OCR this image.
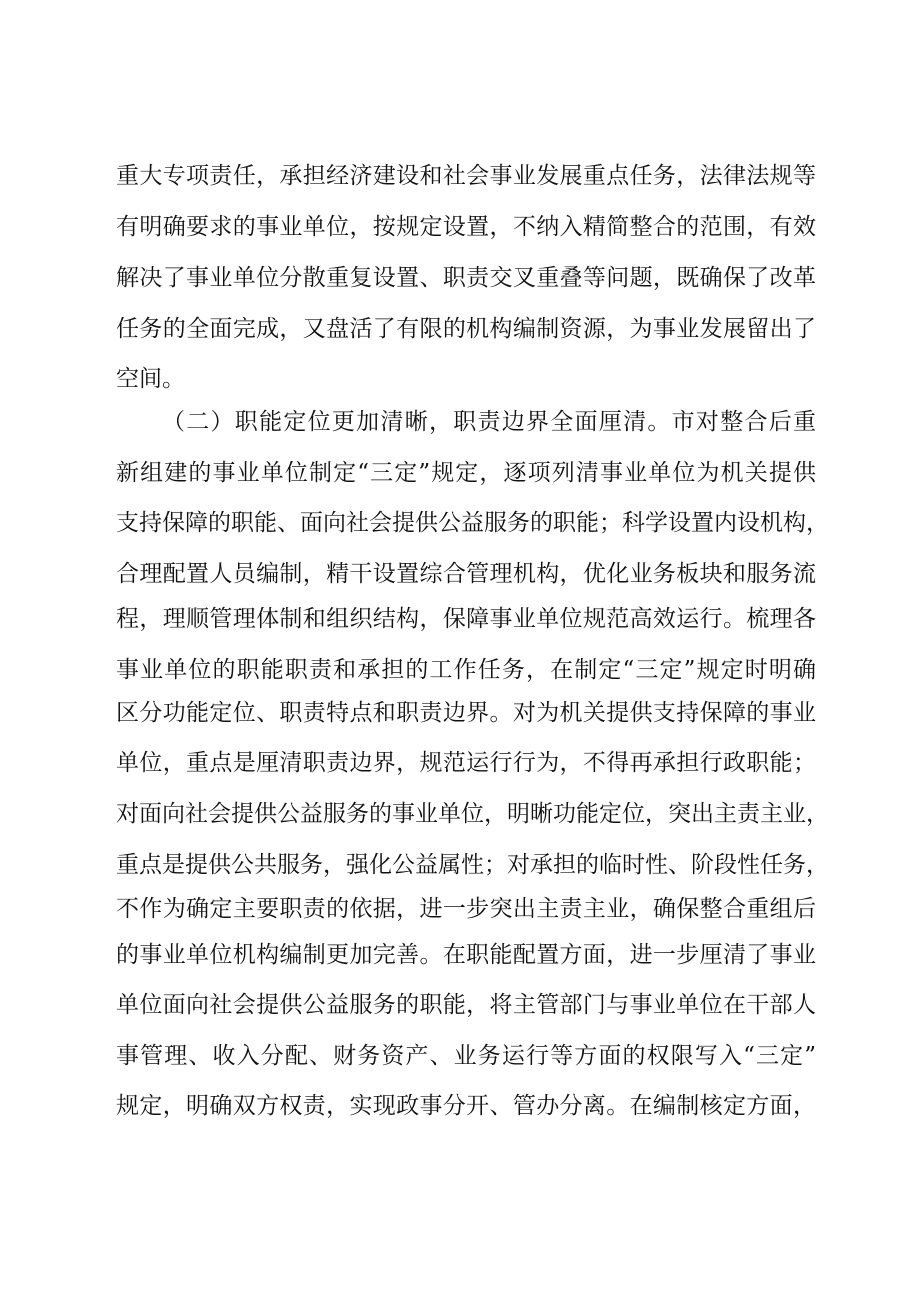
重大专项责任，承担经济建设和社会事业发展重点任务，法律法规等

有明确要求的事业单位，按规定设置，不纳入精简整合的范围，有效

解决了事业单位分散重复设置、职责交叉重叠等问题，既确保了改革

任务的全面完成，又盘活了有限的机构编制资源，为事业发展留出了

空间。

（二）职能定位更加清晰，职责边界全面厘清。市对整合后重

新组建的事业单位制定“三定”规定，逐项列清事业单位为机关提供

支持保障的职能、面向社会提供公益服务的职能；科学设置内设机构，

合理配置人员编制，精干设置综合管理机构，优化业务板块和服务流

程，理顺管理体制和组织结构，保障事业单位规范高效运行。梳理各

事业单位的职能职责和承担的工作任务，在制定“三定”规定时明确

区分功能定位、职责特点和职责边界。对为机关提供支持保障的事业

单位，重点是厘清职责边界，规范运行行为，不得再承担行政职能；

对面向社会提供公益服务的事业单位，明晰功能定位，突出主责主业，

重点是提供公共服务，强化公益属性；对承担的临时性、阶段性任务，

不作为确定主要职责的依据，进一步突出主责主业，确保整合重组后

的事业单位机构编制更加完善。在职能配置方面，进一步厘清了事业

单位面向社会提供公益服务的职能，将主管部门与事业单位在干部人

事管理、收入分配、财务资产、业务运行等方面的权限写入“三定”

规定，明确双方权责，实现政事分开、管办分离。在编制核定方面，
